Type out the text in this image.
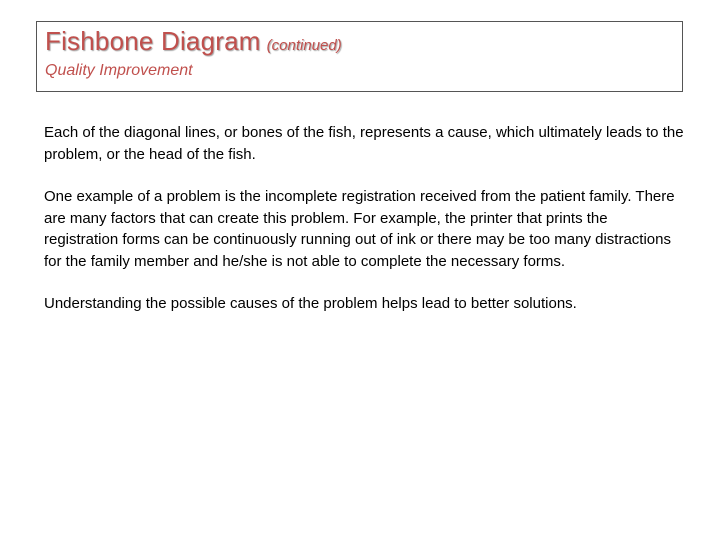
Fishbone Diagram (continued)
Quality Improvement

Each of the diagonal lines, or bones of the fish, represents a cause, which ultimately leads to the problem, or the head of the fish.

One example of a problem is the incomplete registration received from the patient family. There are many factors that can create this problem. For example, the printer that prints the registration forms can be continuously running out of ink or there may be too many distractions for the family member and he/she is not able to complete the necessary forms.

Understanding the possible causes of the problem helps lead to better solutions.
